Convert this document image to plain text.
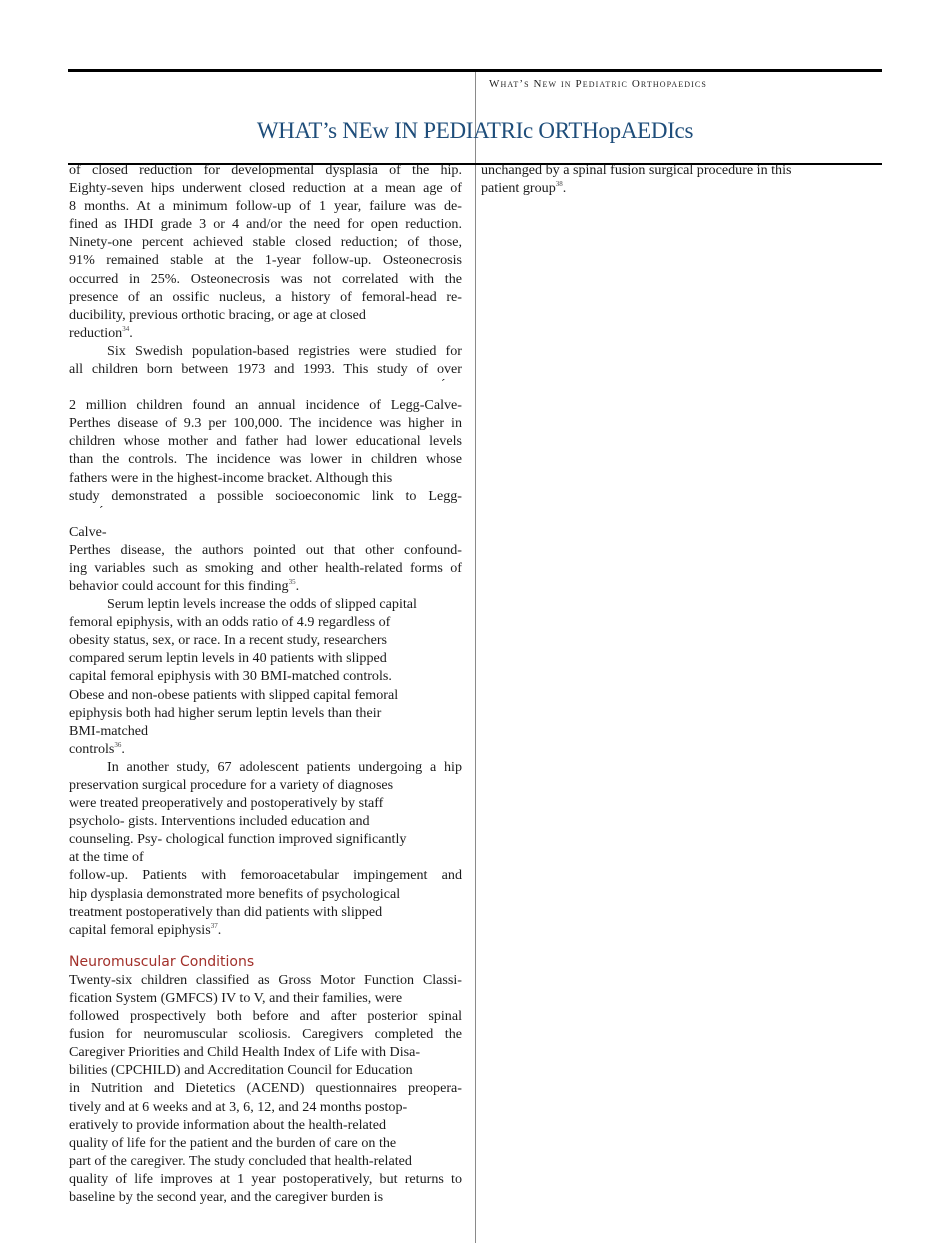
What’s New in Pediatric Orthopaedics
WHAT’s NEw IN PEDIATRIc ORTHopAEDIcs
of closed reduction for developmental dysplasia of the hip.
Eighty-seven hips underwent closed reduction at a mean age of
8 months. At a minimum follow-up of 1 year, failure was de-
fined as IHDI grade 3 or 4 and/or the need for open reduction.
Ninety-one percent achieved stable closed reduction; of those,
91% remained stable at the 1-year follow-up. Osteonecrosis
occurred in 25%. Osteonecrosis was not correlated with the
presence of an ossific nucleus, a history of femoral-head re-
ducibility, previous orthotic bracing, or age at closed
reduction$^{34}$.
Six Swedish population-based registries were studied for
all children born between 1973 and 1993. This study of over
´
2 million children found an annual incidence of Legg-Calve-
Perthes disease of 9.3 per 100,000. The incidence was higher in
children whose mother and father had lower educational levels
than the controls. The incidence was lower in children whose
fathers were in the highest-income bracket. Although this
study demonstrated a possible socioeconomic link to Legg-
´
Calve-
Perthes disease, the authors pointed out that other confound-
ing variables such as smoking and other health-related forms of
behavior could account for this finding$^{35}$.
Serum leptin levels increase the odds of slipped capital
femoral epiphysis, with an odds ratio of 4.9 regardless of
obesity status, sex, or race. In a recent study, researchers
compared serum leptin levels in 40 patients with slipped
capital femoral epiphysis with 30 BMI-matched controls.
Obese and non-obese patients with slipped capital femoral
epiphysis both had higher serum leptin levels than their
BMI-matched
controls$^{36}$.
In another study, 67 adolescent patients undergoing a hip
preservation surgical procedure for a variety of diagnoses
were treated preoperatively and postoperatively by staff
psycholo- gists. Interventions included education and
counseling. Psy- chological function improved significantly
at the time of
follow-up. Patients with femoroacetabular impingement and
hip dysplasia demonstrated more benefits of psychological
treatment postoperatively than did patients with slipped
capital femoral epiphysis$^{37}$.
Neuromuscular Conditions
Twenty-six children classified as Gross Motor Function Classi-
fication System (GMFCS) IV to V, and their families, were
followed prospectively both before and after posterior spinal
fusion for neuromuscular scoliosis. Caregivers completed the
Caregiver Priorities and Child Health Index of Life with Disa-
bilities (CPCHILD) and Accreditation Council for Education
in Nutrition and Dietetics (ACEND) questionnaires preopera-
tively and at 6 weeks and at 3, 6, 12, and 24 months postop-
eratively to provide information about the health-related
quality of life for the patient and the burden of care on the
part of the caregiver. The study concluded that health-related
quality of life improves at 1 year postoperatively, but returns to
baseline by the second year, and the caregiver burden is
unchanged by a spinal fusion surgical procedure in this
patient group$^{38}$.
